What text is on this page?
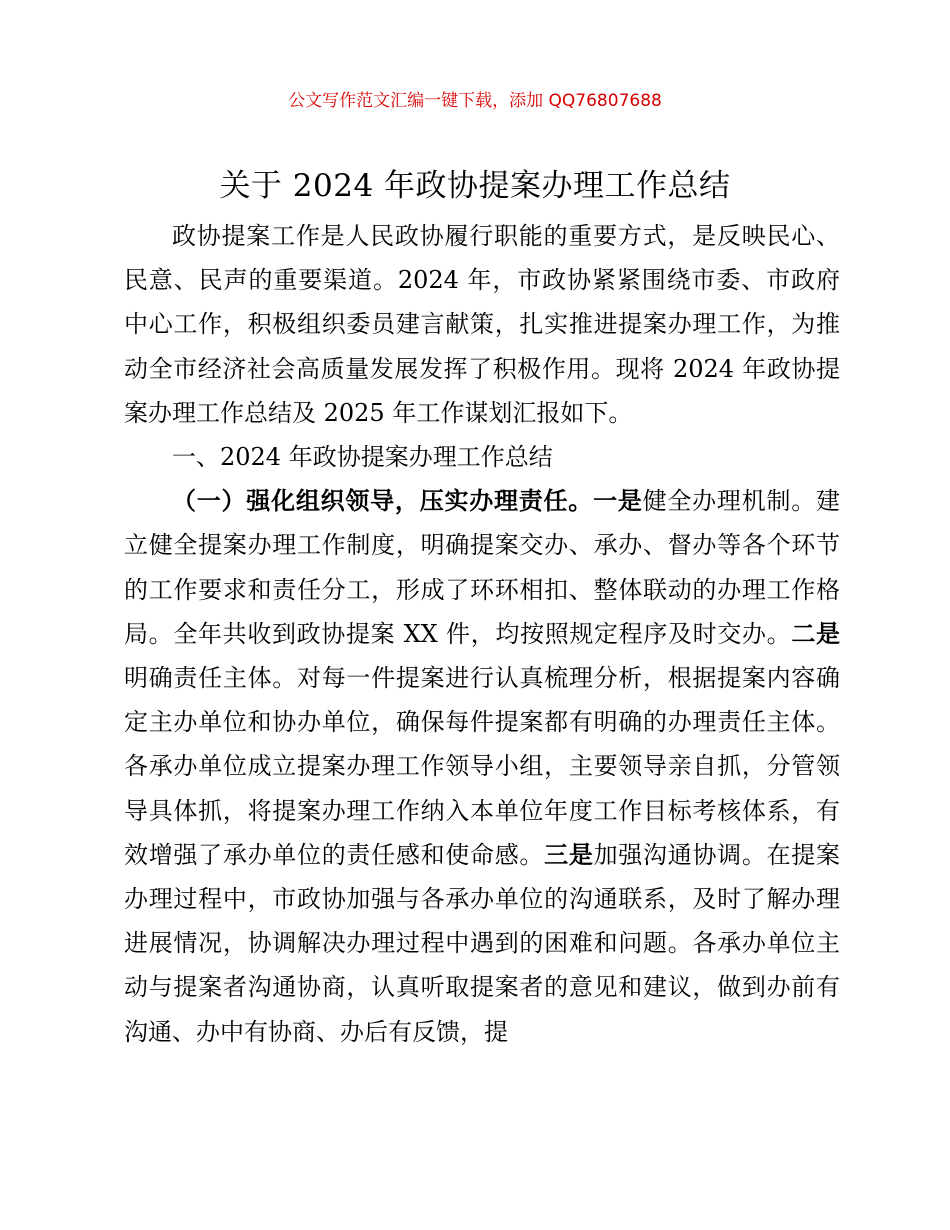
公文写作范文汇编一键下载，添加 QQ76807688
关于 2024 年政协提案办理工作总结

政协提案工作是人民政协履行职能的重要方式，是反映民心、民意、民声的重要渠道。2024 年，市政协紧紧围绕市委、市政府中心工作，积极组织委员建言献策，扎实推进提案办理工作，为推动全市经济社会高质量发展发挥了积极作用。现将 2024 年政协提案办理工作总结及 2025 年工作谋划汇报如下。

一、2024 年政协提案办理工作总结

（一）强化组织领导，压实办理责任。一是健全办理机制。建立健全提案办理工作制度，明确提案交办、承办、督办等各个环节的工作要求和责任分工，形成了环环相扣、整体联动的办理工作格局。全年共收到政协提案 XX 件，均按照规定程序及时交办。二是明确责任主体。对每一件提案进行认真梳理分析，根据提案内容确定主办单位和协办单位，确保每件提案都有明确的办理责任主体。各承办单位成立提案办理工作领导小组，主要领导亲自抓，分管领导具体抓，将提案办理工作纳入本单位年度工作目标考核体系，有效增强了承办单位的责任感和使命感。三是加强沟通协调。在提案办理过程中，市政协加强与各承办单位的沟通联系，及时了解办理进展情况，协调解决办理过程中遇到的困难和问题。各承办单位主动与提案者沟通协商，认真听取提案者的意见和建议，做到办前有沟通、办中有协商、办后有反馈，提
